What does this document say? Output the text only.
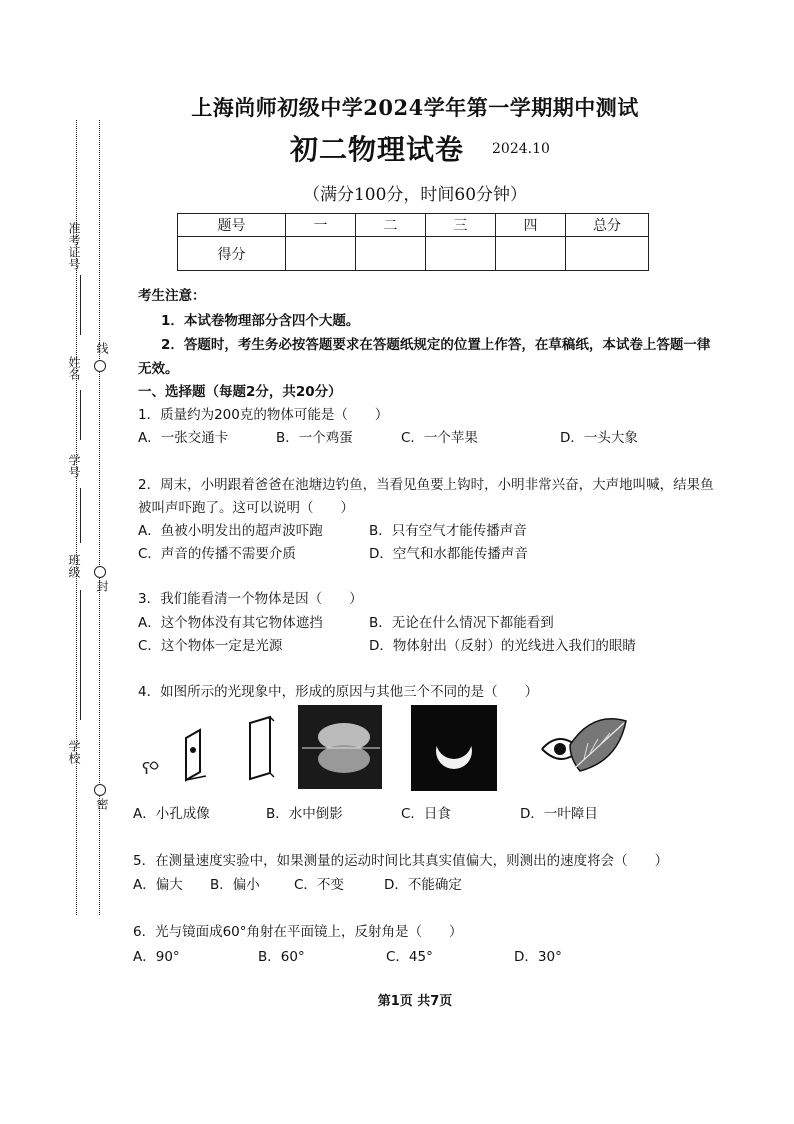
准考证号
姓名
学号
班级
学校
线
封
密
上海尚师初级中学2024学年第一学期期中测试
初二物理试卷 2024.10
（满分100分，时间60分钟）
题号	一	二	三	四	总分
得分					
考生注意：
1．本试卷物理部分含四个大题。
2．答题时，考生务必按答题要求在答题纸规定的位置上作答，在草稿纸，本试卷上答题一律
无效。
一、选择题（每题2分，共20分）
1．质量约为200克的物体可能是（　　）
A．一张交通卡	B．一个鸡蛋	C．一个苹果	D．一头大象
2．周末，小明跟着爸爸在池塘边钓鱼，当看见鱼要上钩时，小明非常兴奋，大声地叫喊，结果鱼
被叫声吓跑了。这可以说明（　　）
A．鱼被小明发出的超声波吓跑	B．只有空气才能传播声音
C．声音的传播不需要介质	D．空气和水都能传播声音
3．我们能看清一个物体是因（　　）
A．这个物体没有其它物体遮挡	B．无论在什么情况下都能看到
C．这个物体一定是光源	D．物体射出（反射）的光线进入我们的眼睛
4．如图所示的光现象中，形成的原因与其他三个不同的是（　　）
ʕ
A．小孔成像	B．水中倒影	C．日食	D．一叶障目
5．在测量速度实验中，如果测量的运动时间比其真实值偏大，则测出的速度将会（　　）
A．偏大 B．偏小	C．不变	D．不能确定
6．光与镜面成60°角射在平面镜上，反射角是（　　）
A．90°	B．60°	C．45°	D．30°
第1页 共7页
